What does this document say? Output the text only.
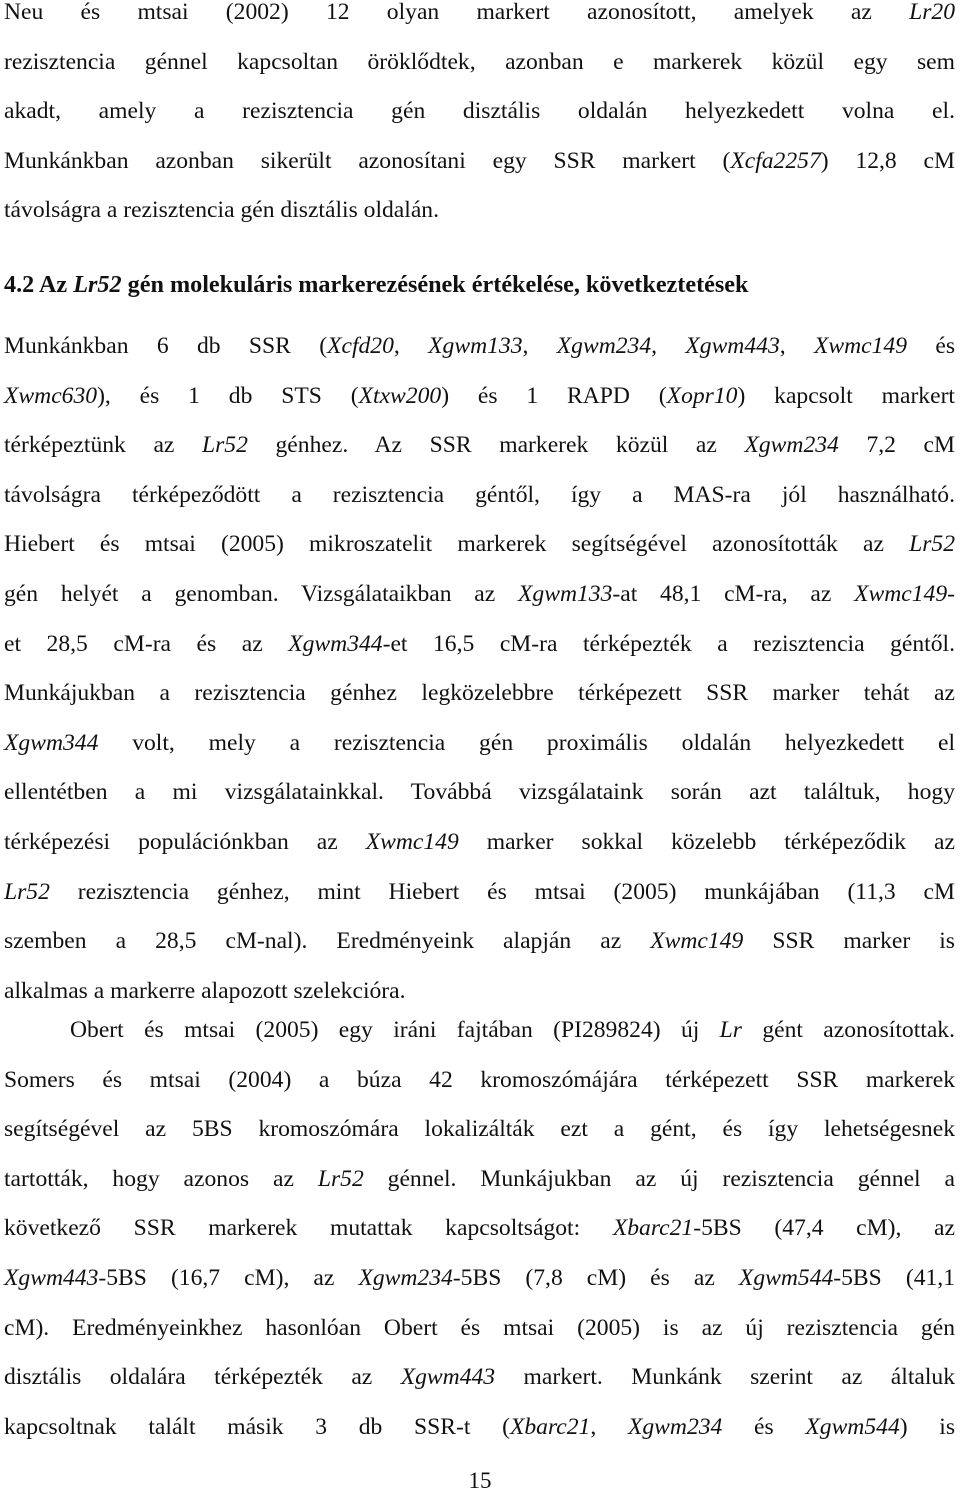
Neu és mtsai (2002) 12 olyan markert azonosított, amelyek az Lr20
rezisztencia génnel kapcsoltan öröklődtek, azonban e markerek közül egy sem
akadt, amely a rezisztencia gén disztális oldalán helyezkedett volna el.
Munkánkban azonban sikerült azonosítani egy SSR markert (Xcfa2257) 12,8 cM
távolságra a rezisztencia gén disztális oldalán.
4.2 Az Lr52 gén molekuláris markerezésének értékelése, következtetések
Munkánkban 6 db SSR (Xcfd20, Xgwm133, Xgwm234, Xgwm443, Xwmc149 és
Xwmc630), és 1 db STS (Xtxw200) és 1 RAPD (Xopr10) kapcsolt markert
térképeztünk az Lr52 génhez. Az SSR markerek közül az Xgwm234 7,2 cM
távolságra térképeződött a rezisztencia géntől, így a MAS-ra jól használható.
Hiebert és mtsai (2005) mikroszatelit markerek segítségével azonosították az Lr52
gén helyét a genomban. Vizsgálataikban az Xgwm133-at 48,1 cM-ra, az Xwmc149-
et 28,5 cM-ra és az Xgwm344-et 16,5 cM-ra térképezték a rezisztencia géntől.
Munkájukban a rezisztencia génhez legközelebbre térképezett SSR marker tehát az
Xgwm344 volt, mely a rezisztencia gén proximális oldalán helyezkedett el
ellentétben a mi vizsgálatainkkal. Továbbá vizsgálataink során azt találtuk, hogy
térképezési populációnkban az Xwmc149 marker sokkal közelebb térképeződik az
Lr52 rezisztencia génhez, mint Hiebert és mtsai (2005) munkájában (11,3 cM
szemben a 28,5 cM-nal). Eredményeink alapján az Xwmc149 SSR marker is
alkalmas a markerre alapozott szelekcióra.
Obert és mtsai (2005) egy iráni fajtában (PI289824) új Lr gént azonosítottak.
Somers és mtsai (2004) a búza 42 kromoszómájára térképezett SSR markerek
segítségével az 5BS kromoszómára lokalizálták ezt a gént, és így lehetségesnek
tartották, hogy azonos az Lr52 génnel. Munkájukban az új rezisztencia génnel a
következő SSR markerek mutattak kapcsoltságot: Xbarc21-5BS (47,4 cM), az
Xgwm443-5BS (16,7 cM), az Xgwm234-5BS (7,8 cM) és az Xgwm544-5BS (41,1
cM). Eredményeinkhez hasonlóan Obert és mtsai (2005) is az új rezisztencia gén
disztális oldalára térképezték az Xgwm443 markert. Munkánk szerint az általuk
kapcsoltnak talált másik 3 db SSR-t (Xbarc21, Xgwm234 és Xgwm544) is
15
